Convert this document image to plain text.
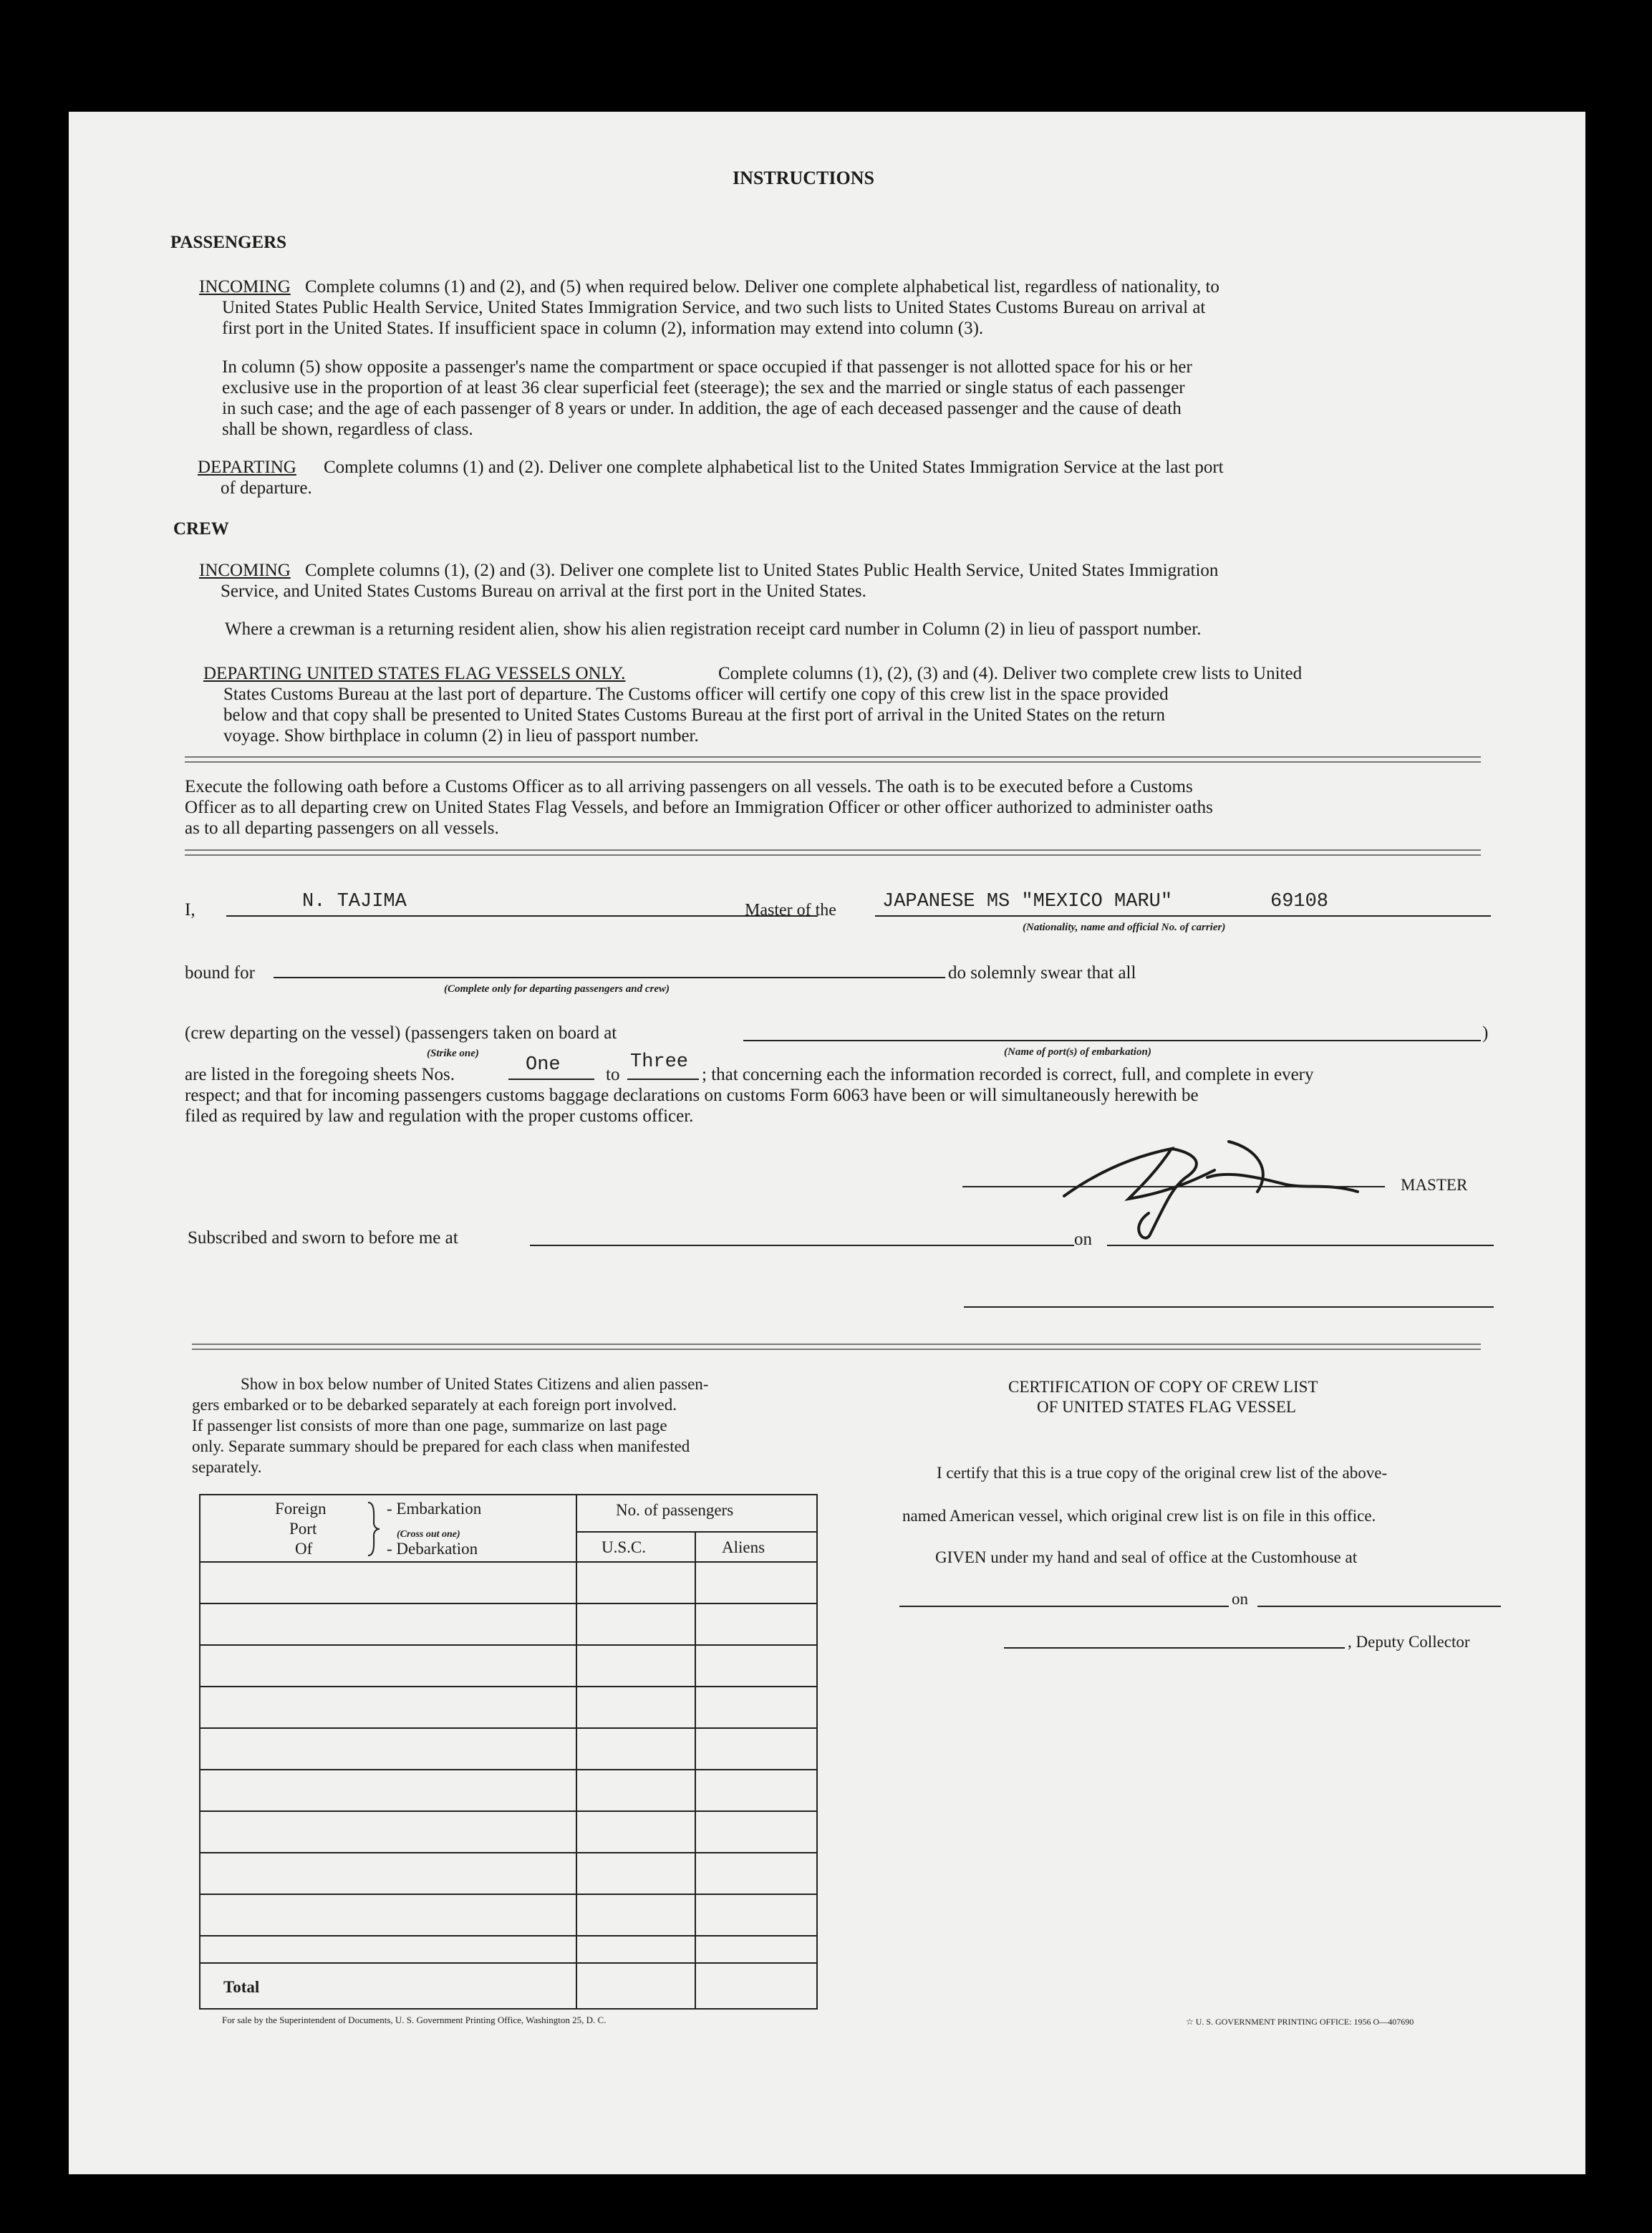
INSTRUCTIONS
PASSENGERS
INCOMING Complete columns (1) and (2), and (5) when required below. Deliver one complete alphabetical list, regardless of nationality, to
United States Public Health Service, United States Immigration Service, and two such lists to United States Customs Bureau on arrival at
first port in the United States. If insufficient space in column (2), information may extend into column (3).
In column (5) show opposite a passenger's name the compartment or space occupied if that passenger is not allotted space for his or her
exclusive use in the proportion of at least 36 clear superficial feet (steerage); the sex and the married or single status of each passenger
in such case; and the age of each passenger of 8 years or under. In addition, the age of each deceased passenger and the cause of death
shall be shown, regardless of class.
DEPARTING Complete columns (1) and (2). Deliver one complete alphabetical list to the United States Immigration Service at the last port
of departure.
CREW
INCOMING Complete columns (1), (2) and (3). Deliver one complete list to United States Public Health Service, United States Immigration
Service, and United States Customs Bureau on arrival at the first port in the United States.
Where a crewman is a returning resident alien, show his alien registration receipt card number in Column (2) in lieu of passport number.
DEPARTING UNITED STATES FLAG VESSELS ONLY.	Complete columns (1), (2), (3) and (4). Deliver two complete crew lists to United
States Customs Bureau at the last port of departure. The Customs officer will certify one copy of this crew list in the space provided
below and that copy shall be presented to United States Customs Bureau at the first port of arrival in the United States on the return
voyage. Show birthplace in column (2) in lieu of passport number.
Execute the following oath before a Customs Officer as to all arriving passengers on all vessels. The oath is to be executed before a Customs
Officer as to all departing crew on United States Flag Vessels, and before an Immigration Officer or other officer authorized to administer oaths
as to all departing passengers on all vessels.
I,	N. TAJIMA	Master of the JAPANESE MS "MEXICO MARU"	69108
(Nationality, name and official No. of carrier)
bound for
(Complete only for departing passengers and crew)
do solemnly swear that all
(crew departing on the vessel) (passengers taken on board at	)
(Strike one)	(Name of port(s) of embarkation)
are listed in the foregoing sheets Nos.	One	to
Three
; that concerning each the information recorded is correct, full, and complete in every
respect; and that for incoming passengers customs baggage declarations on customs Form 6063 have been or will simultaneously herewith be
filed as required by law and regulation with the proper customs officer.
MASTER
Subscribed and sworn to before me at	on
Show in box below number of United States Citizens and alien passen-
gers embarked or to be debarked separately at each foreign port involved.
If passenger list consists of more than one page, summarize on last page
only. Separate summary should be prepared for each class when manifested
separately.
Foreign
Port
Of
- Embarkation
(Cross out one)
- Debarkation
No. of passengers
U.S.C.	Aliens
Total
For sale by the Superintendent of Documents, U. S. Government Printing Office, Washington 25, D. C.
CERTIFICATION OF COPY OF CREW LIST
OF UNITED STATES FLAG VESSEL
I certify that this is a true copy of the original crew list of the above-
named American vessel, which original crew list is on file in this office.
GIVEN under my hand and seal of office at the Customhouse at
on
, Deputy Collector
☆ U. S. GOVERNMENT PRINTING OFFICE: 1956 O—407690
